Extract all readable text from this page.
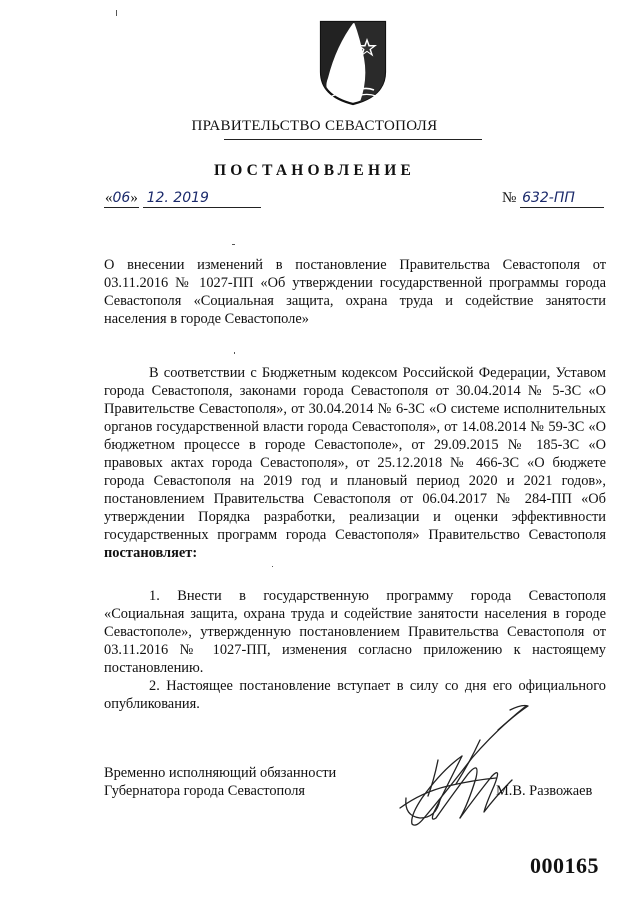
ПРАВИТЕЛЬСТВО СЕВАСТОПОЛЯ
ПОСТАНОВЛЕНИЕ
«06» 12. 2019	№ 632-ПП
О внесении изменений в постановление Правительства Севастополя от 03.11.2016 № 1027-ПП «Об утверждении государственной программы города Севастополя «Социальная защита, охрана труда и содействие занятости населения в городе Севастополе»
В соответствии с Бюджетным кодексом Российской Федерации, Уставом города Севастополя, законами города Севастополя от 30.04.2014 № 5-ЗС «О Правительстве Севастополя», от 30.04.2014 № 6-ЗС «О системе исполнительных органов государственной власти города Севастополя», от 14.08.2014 № 59-ЗС «О бюджетном процессе в городе Севастополе», от 29.09.2015 № 185-ЗС «О правовых актах города Севастополя», от 25.12.2018 № 466-ЗС «О бюджете города Севастополя на 2019 год и плановый период 2020 и 2021 годов», постановлением Правительства Севастополя от 06.04.2017 № 284-ПП «Об утверждении Порядка разработки, реализации и оценки эффективности государственных программ города Севастополя» Правительство Севастополя постановляет:
1. Внести в государственную программу города Севастополя «Социальная защита, охрана труда и содействие занятости населения в городе Севастополе», утвержденную постановлением Правительства Севастополя от 03.11.2016 № 1027-ПП, изменения согласно приложению к настоящему постановлению.
2. Настоящее постановление вступает в силу со дня его официального опубликования.
Временно исполняющий обязанности
Губернатора города Севастополя	М.В. Развожаев
000165
